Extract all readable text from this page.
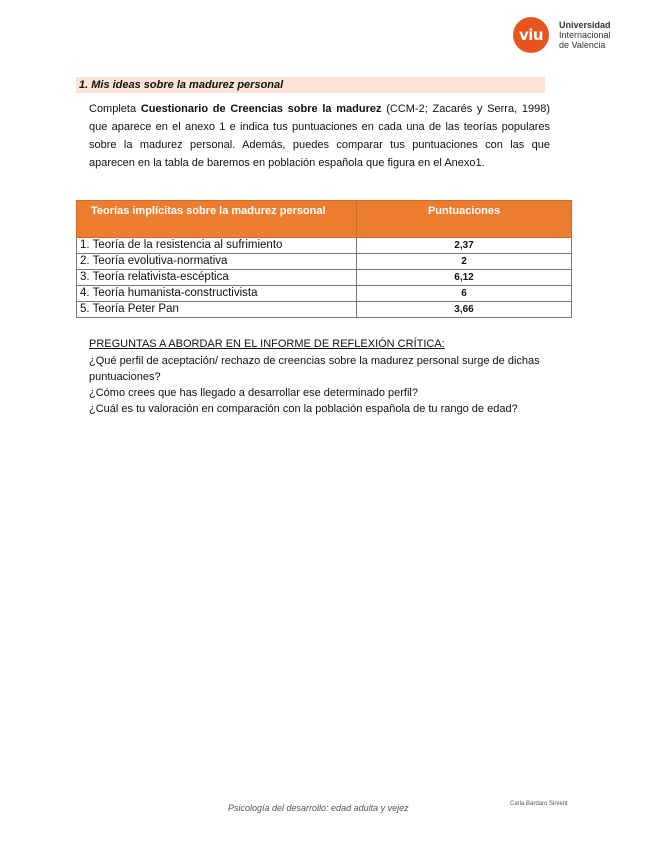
viu
Universidad
Internacional
de Valencia
1. Mis ideas sobre la madurez personal

Completa Cuestionario de Creencias sobre la madurez (CCM-2; Zacarés y Serra, 1998) que aparece en el anexo 1 e indica tus puntuaciones en cada una de las teorías populares sobre la madurez personal. Además, puedes comparar tus puntuaciones con las que aparecen en la tabla de baremos en población española que figura en el Anexo1.

Teorías implícitas sobre la madurez personal	Puntuaciones
1. Teoría de la resistencia al sufrimiento	2,37
2. Teoría evolutiva-normativa	2
3. Teoría relativista-escéptica	6,12
4. Teoría humanista-constructivista	6
5. Teoría Peter Pan	3,66

PREGUNTAS A ABORDAR EN EL INFORME DE REFLEXIÓN CRÍTICA:

¿Qué perfil de aceptación/ rechazo de creencias sobre la madurez personal surge de dichas puntuaciones?

¿Cómo crees que has llegado a desarrollar ese determinado perfil?

¿Cuál es tu valoración en comparación con la población española de tu rango de edad?

Psicología del desarrollo: edad adulta y vejez	Carla Bardaro Sirvent
